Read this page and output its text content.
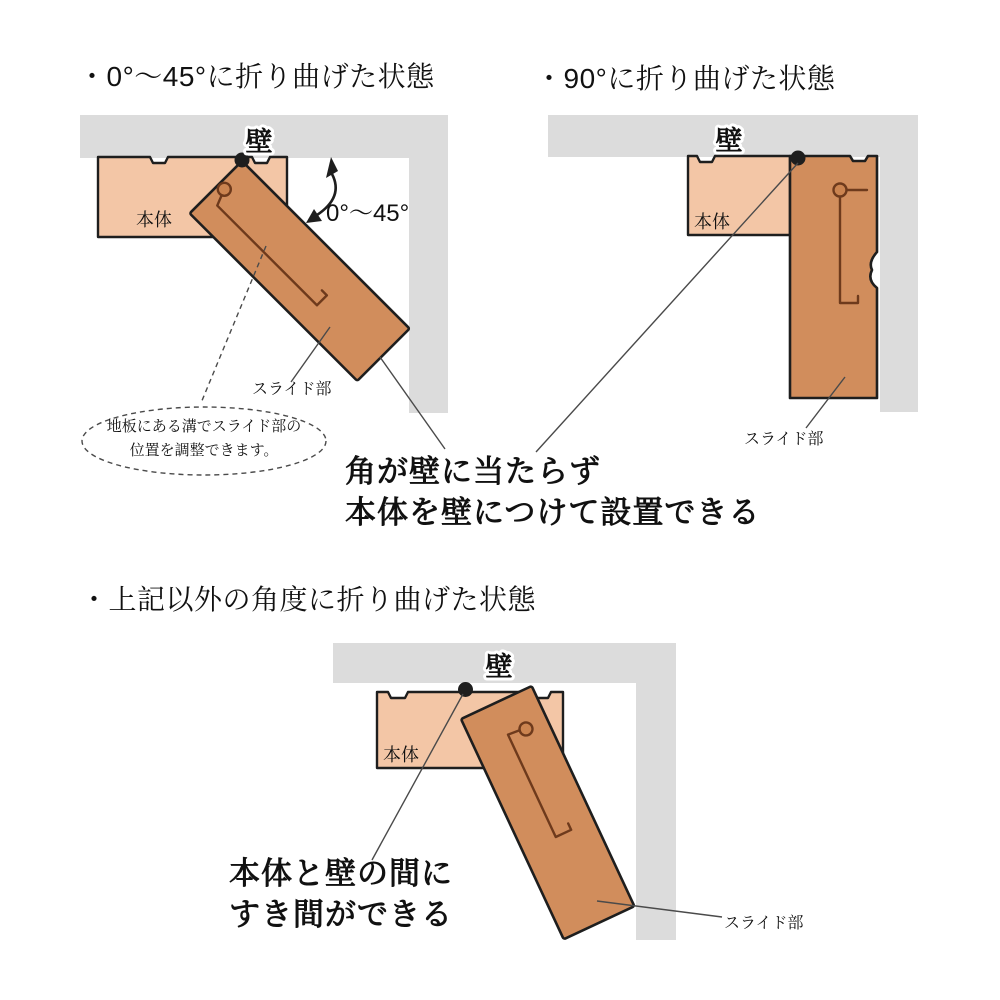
地板にある溝でスライド部の
位置を調整できます。
壁
本体	0°〜45°
スライド部
壁
本体
スライド部
壁
本体
スライド部
・0°〜45°に折り曲げた状態	・90°に折り曲げた状態
・上記以外の角度に折り曲げた状態
角が壁に当たらず
本体を壁につけて設置できる
本体と壁の間に
すき間ができる
